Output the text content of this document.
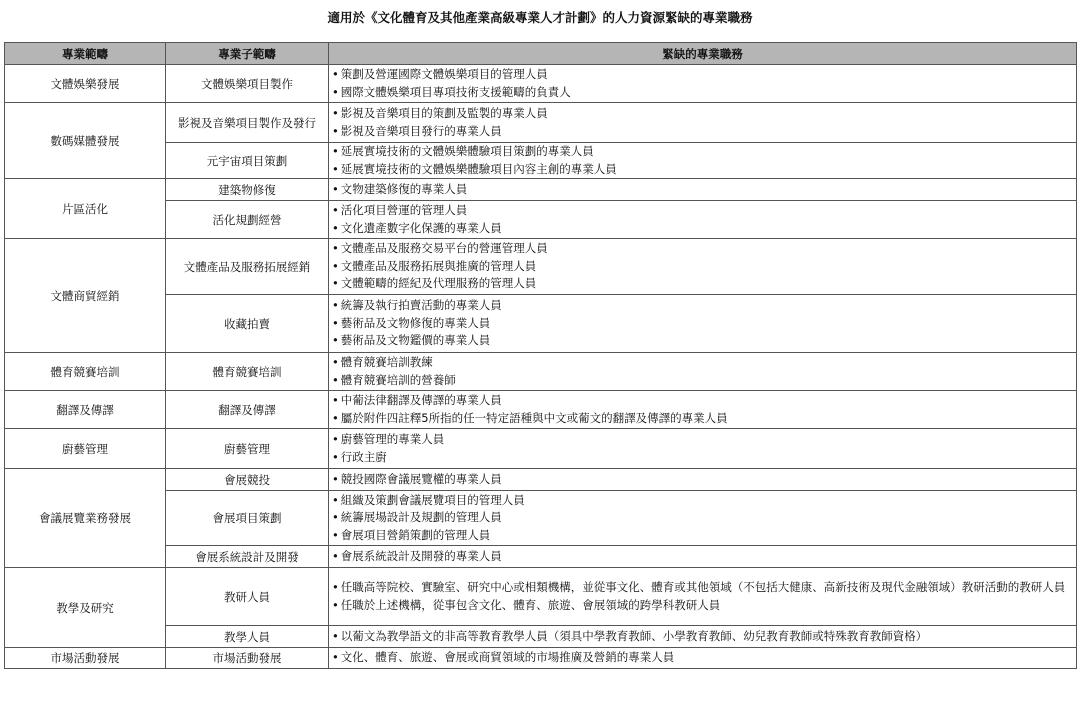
適用於《文化體育及其他產業高級專業人才計劃》的人力資源緊缺的專業職務
專業範疇	專業子範疇	緊缺的專業職務
文體娛樂發展	文體娛樂項目製作	• 策劃及營運國際文體娛樂項目的管理人員
• 國際文體娛樂項目專項技術支援範疇的負責人

數碼媒體發展	影視及音樂項目製作及發行	• 影視及音樂項目的策劃及監製的專業人員
• 影視及音樂項目發行的專業人員

	元宇宙項目策劃	• 延展實境技術的文體娛樂體驗項目策劃的專業人員
• 延展實境技術的文體娛樂體驗項目內容主創的專業人員

片區活化	建築物修復	• 文物建築修復的專業人員

	活化規劃經營	• 活化項目營運的管理人員
• 文化遺產數字化保護的專業人員

文體商貿經銷	文體產品及服務拓展經銷	• 文體產品及服務交易平台的營運管理人員
• 文體產品及服務拓展與推廣的管理人員
• 文體範疇的經紀及代理服務的管理人員

	收藏拍賣	• 統籌及執行拍賣活動的專業人員
• 藝術品及文物修復的專業人員
• 藝術品及文物鑑價的專業人員

體育競賽培訓	體育競賽培訓	• 體育競賽培訓教練
• 體育競賽培訓的營養師

翻譯及傳譯	翻譯及傳譯	• 中葡法律翻譯及傳譯的專業人員
• 屬於附件四註釋5所指的任一特定語種與中文或葡文的翻譯及傳譯的專業人員

廚藝管理	廚藝管理	• 廚藝管理的專業人員
• 行政主廚

會議展覽業務發展	會展競投	• 競投國際會議展覽權的專業人員

	會展項目策劃	• 組織及策劃會議展覽項目的管理人員
• 統籌展場設計及規劃的管理人員
• 會展項目營銷策劃的管理人員

	會展系統設計及開發	• 會展系統設計及開發的專業人員

教學及研究	教研人員	• 任職高等院校、實驗室、研究中心或相類機構，並從事文化、體育或其他領域（不包括大健康、高新技術及現代金融領域）教研活動的教研人員
• 任職於上述機構，從事包含文化、體育、旅遊、會展領域的跨學科教研人員

	教學人員	• 以葡文為教學語文的非高等教育教學人員（須具中學教育教師、小學教育教師、幼兒教育教師或特殊教育教師資格）

市場活動發展	市場活動發展	• 文化、體育、旅遊、會展或商貿領域的市場推廣及營銷的專業人員
